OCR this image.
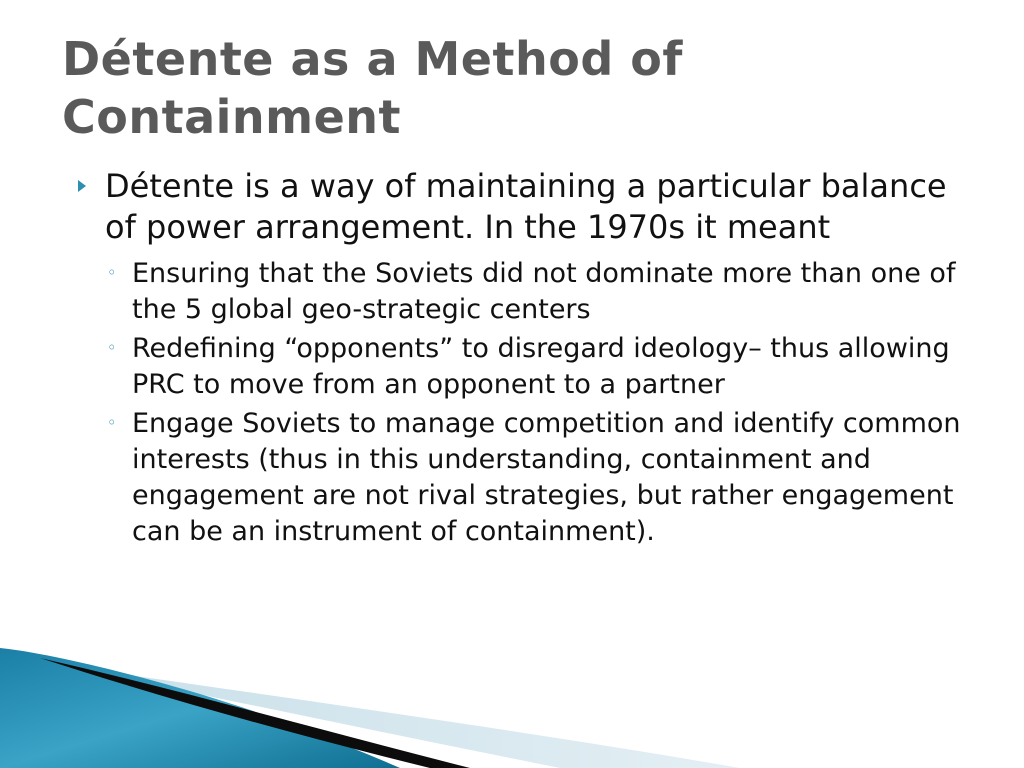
Détente as a Method of Containment
Détente is a way of maintaining a particular balance of power arrangement. In the 1970s it meant
◦ Ensuring that the Soviets did not dominate more than one of the 5 global geo-strategic centers
◦ Redefining “opponents” to disregard ideology– thus allowing PRC to move from an opponent to a partner
◦ Engage Soviets to manage competition and identify common interests (thus in this understanding, containment and engagement are not rival strategies, but rather engagement can be an instrument of containment).
